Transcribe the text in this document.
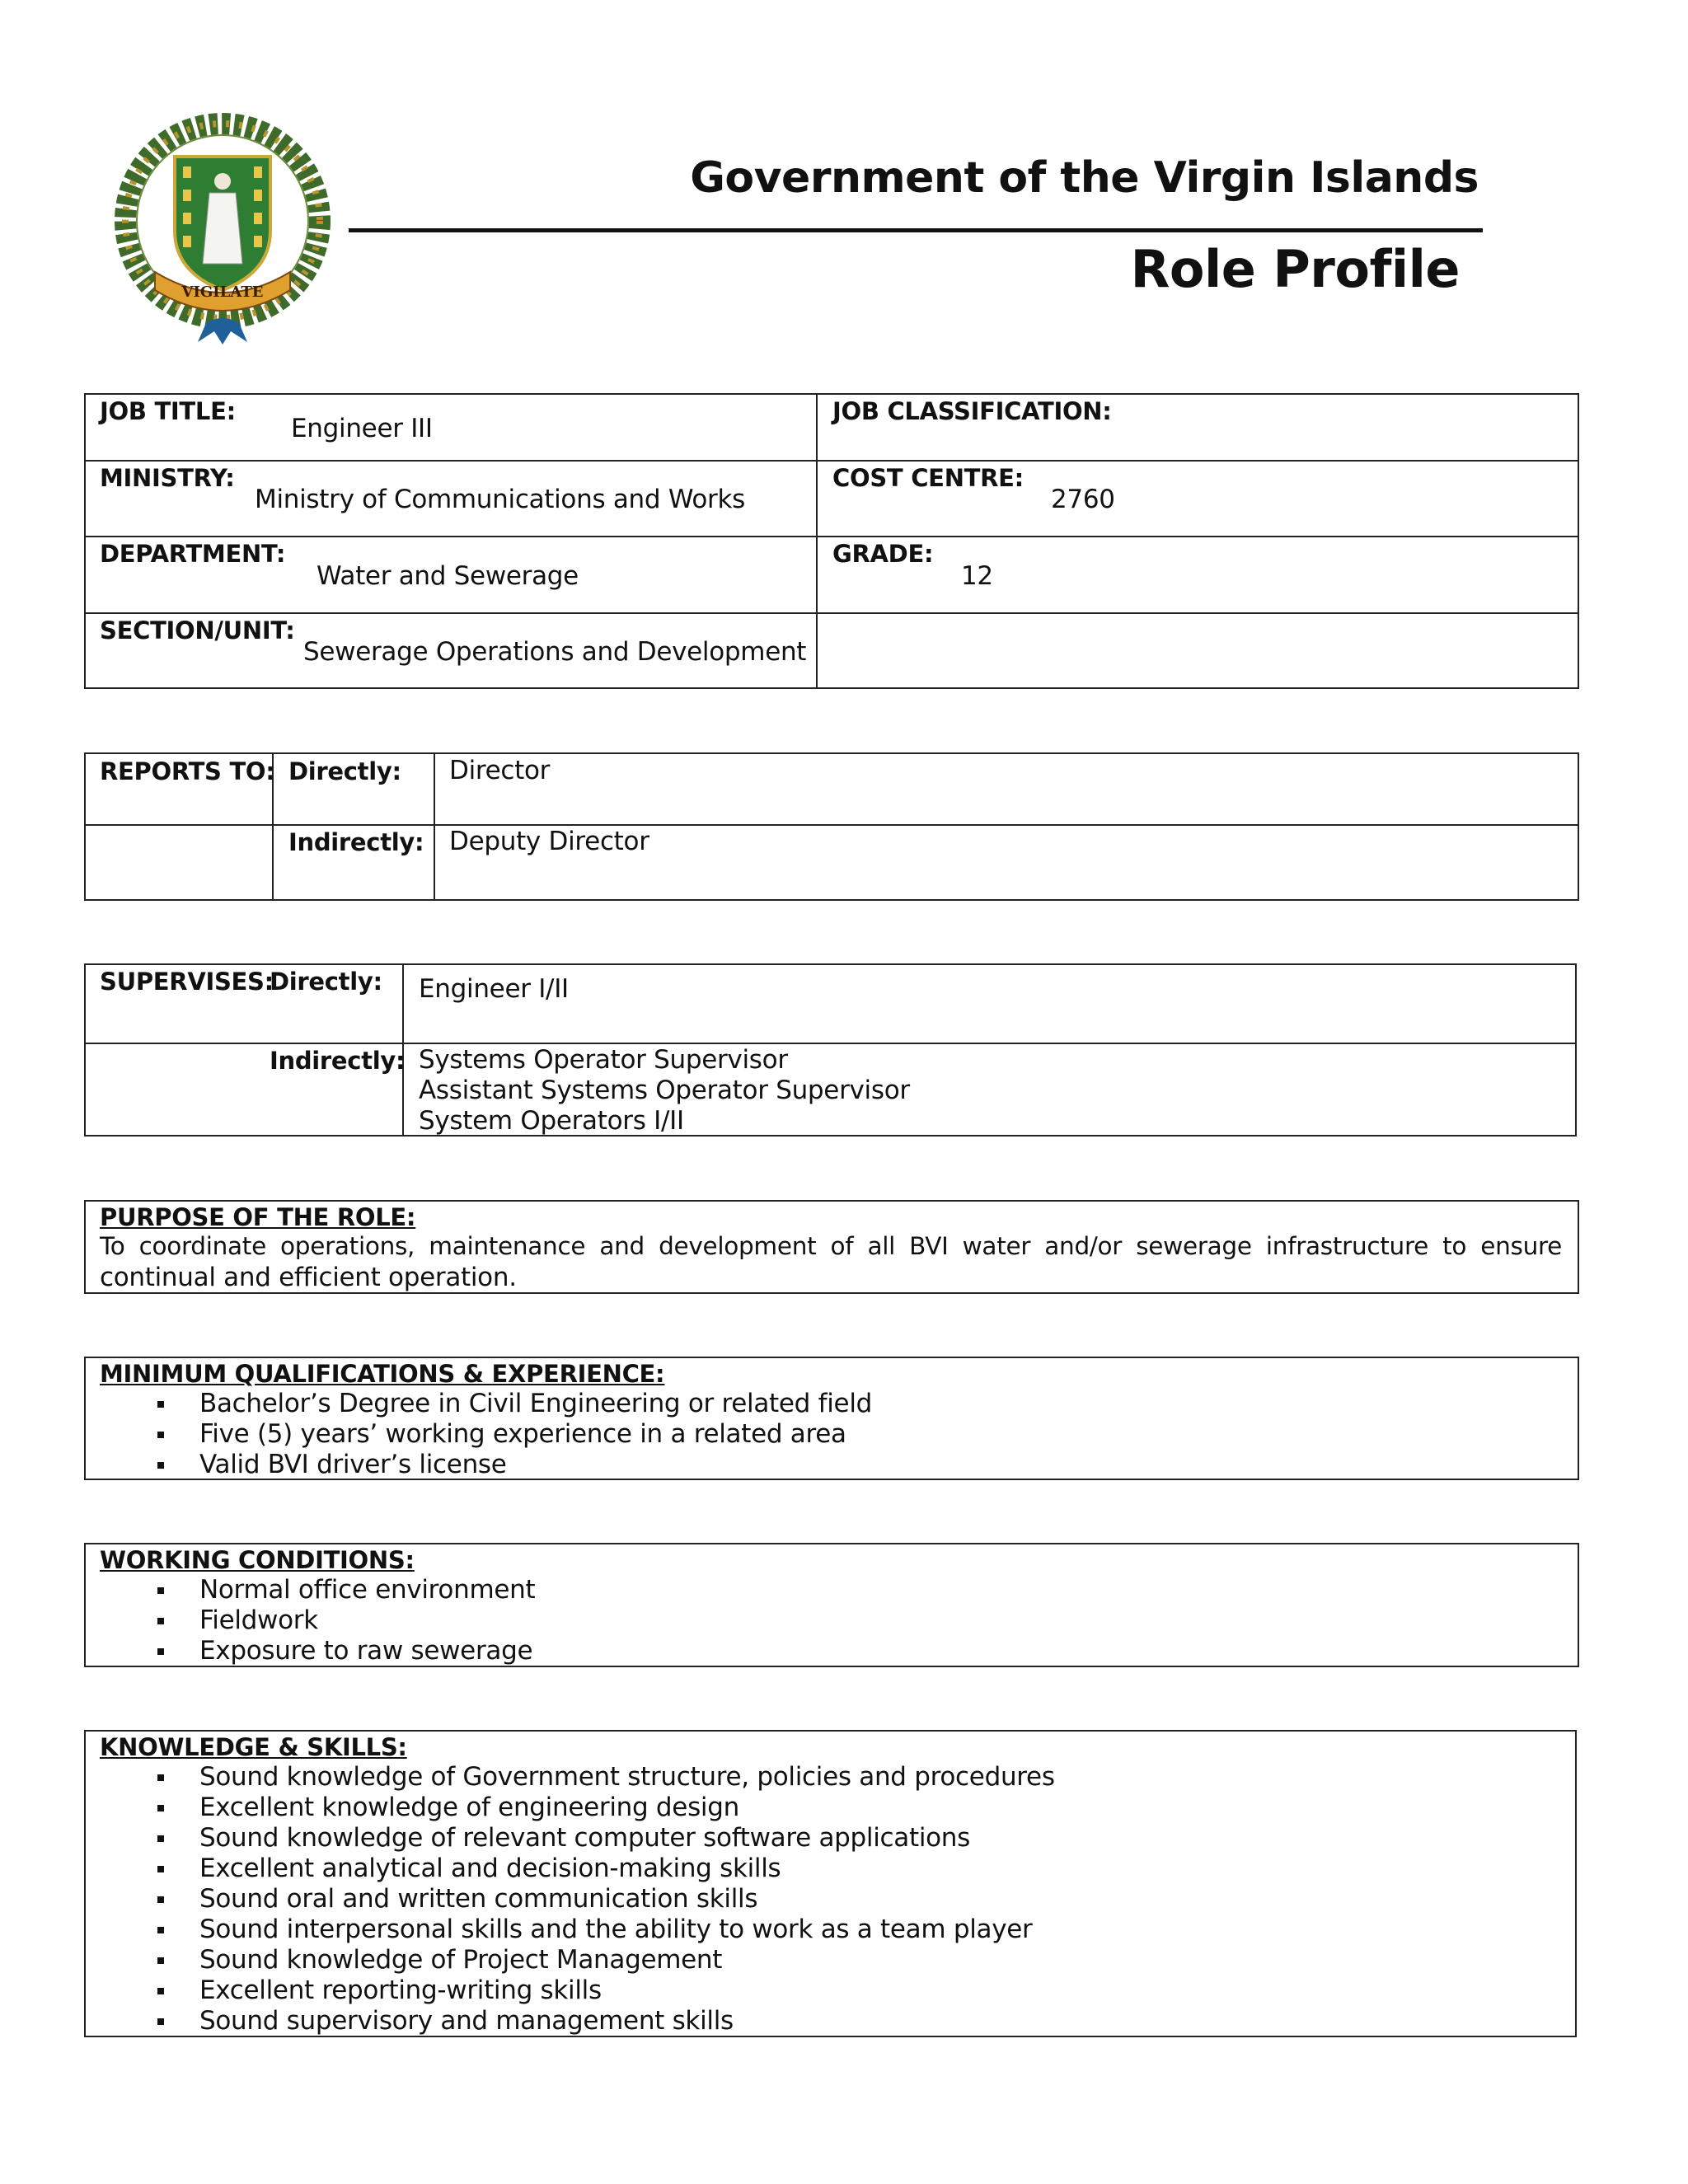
VIGILATE
Government of the Virgin Islands
Role Profile
JOB TITLE:
Engineer III
JOB CLASSIFICATION:
MINISTRY:
Ministry of Communications and Works
COST CENTRE:
2760
DEPARTMENT:
Water and Sewerage
GRADE:
12
SECTION/UNIT:
Sewerage Operations and Development
REPORTS TO: Directly: Director
Indirectly: Deputy Director
SUPERVISES:
Directly: Engineer I/II
Indirectly: Systems Operator Supervisor
Assistant Systems Operator Supervisor
System Operators I/II
PURPOSE OF THE ROLE:
To coordinate operations, maintenance and development of all BVI water and/or sewerage infrastructure to ensure
continual and efficient operation.
MINIMUM QUALIFICATIONS & EXPERIENCE:
Bachelor’s Degree in Civil Engineering or related field
Five (5) years’ working experience in a related area
Valid BVI driver’s license
WORKING CONDITIONS:
Normal office environment
Fieldwork
Exposure to raw sewerage
KNOWLEDGE & SKILLS:
Sound knowledge of Government structure, policies and procedures
Excellent knowledge of engineering design
Sound knowledge of relevant computer software applications
Excellent analytical and decision-making skills
Sound oral and written communication skills
Sound interpersonal skills and the ability to work as a team player
Sound knowledge of Project Management
Excellent reporting-writing skills
Sound supervisory and management skills
